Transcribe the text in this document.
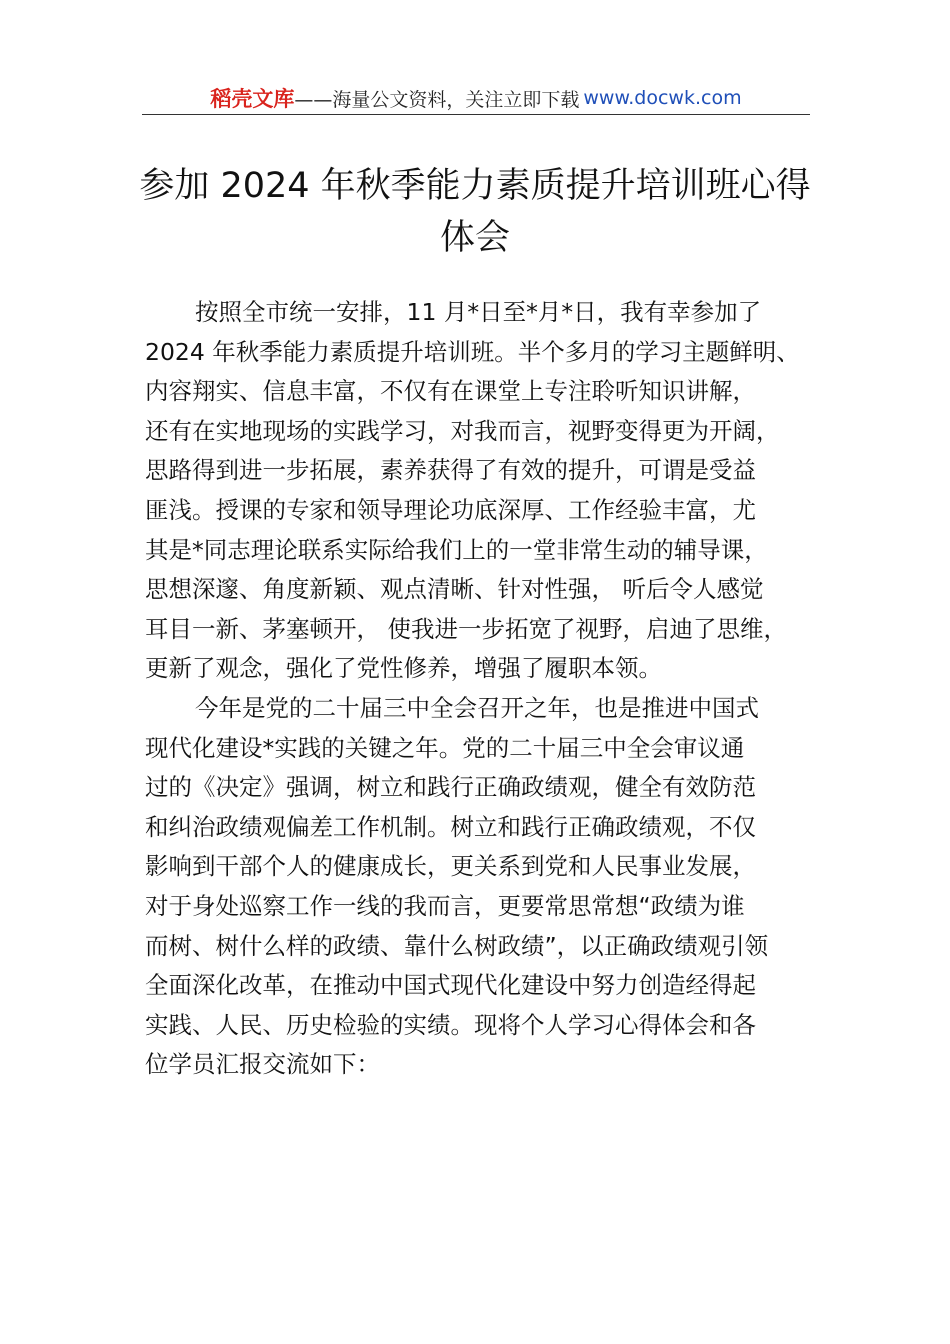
稻壳文库 ——海量公文资料，关注立即下载 www.docwk.com
参加 2024 年秋季能力素质提升培训班心得
体会
按照全市统一安排，11 月*日至*月*日，我有幸参加了
2024 年秋季能力素质提升培训班。半个多月的学习主题鲜明、
内容翔实、信息丰富，不仅有在课堂上专注聆听知识讲解，
还有在实地现场的实践学习，对我而言，视野变得更为开阔，
思路得到进一步拓展，素养获得了有效的提升，可谓是受益
匪浅。授课的专家和领导理论功底深厚、工作经验丰富，尤
其是*同志理论联系实际给我们上的一堂非常生动的辅导课，
思想深邃、角度新颖、观点清晰、针对性强， 听后令人感觉
耳目一新、茅塞顿开， 使我进一步拓宽了视野，启迪了思维，
更新了观念，强化了党性修养，增强了履职本领。
今年是党的二十届三中全会召开之年，也是推进中国式
现代化建设*实践的关键之年。党的二十届三中全会审议通
过的《决定》强调，树立和践行正确政绩观，健全有效防范
和纠治政绩观偏差工作机制。树立和践行正确政绩观，不仅
影响到干部个人的健康成长，更关系到党和人民事业发展，
对于身处巡察工作一线的我而言，更要常思常想“政绩为谁
而树、树什么样的政绩、靠什么树政绩”，以正确政绩观引领
全面深化改革，在推动中国式现代化建设中努力创造经得起
实践、人民、历史检验的实绩。现将个人学习心得体会和各
位学员汇报交流如下：
